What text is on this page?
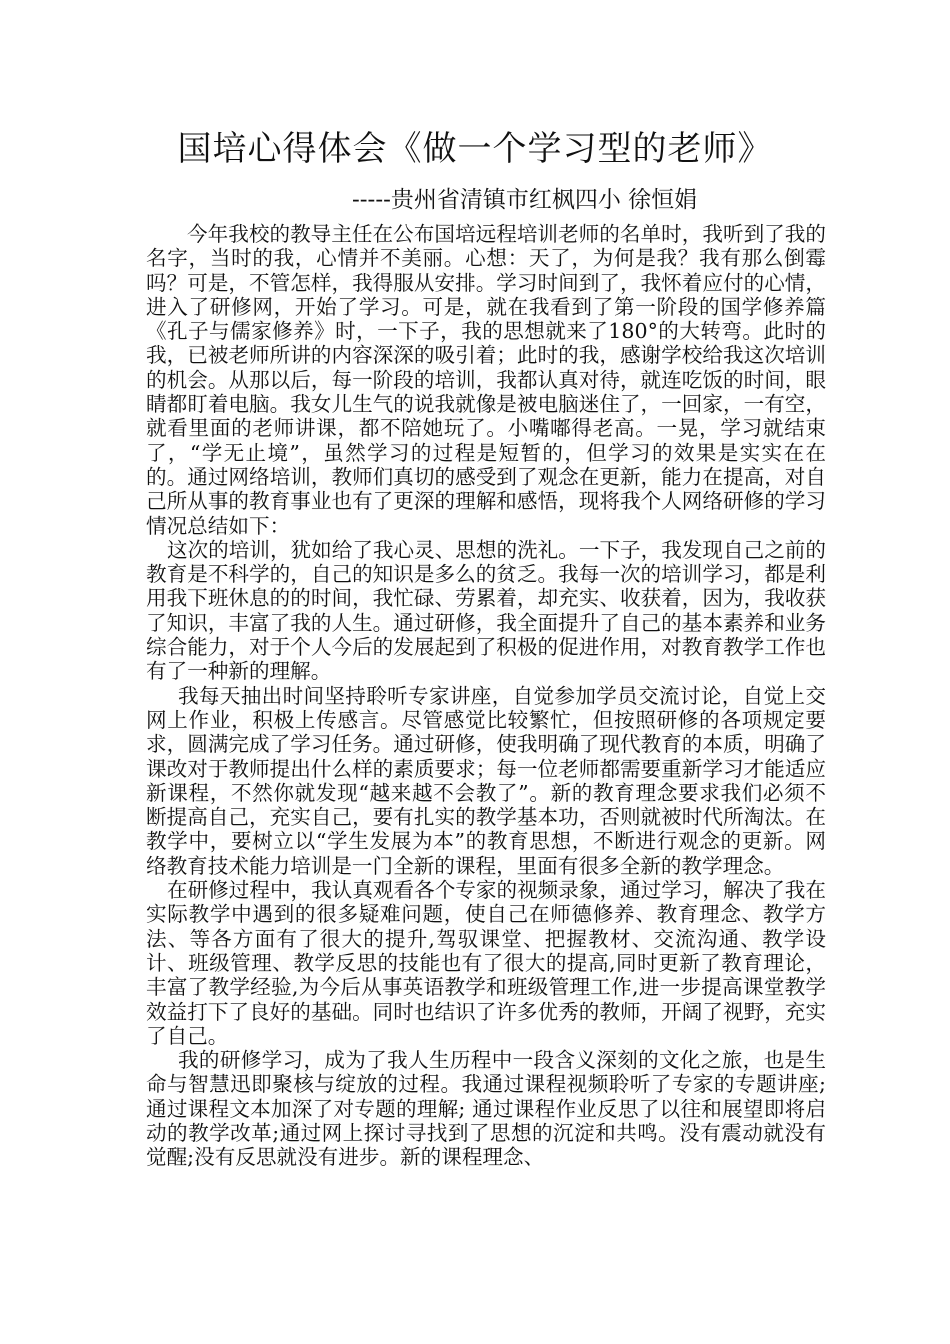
国培心得体会《做一个学习型的老师》
-----贵州省清镇市红枫四小 徐恒娟

今年我校的教导主任在公布国培远程培训老师的名单时，我听到了我的名字，当时的我，心情并不美丽。心想：天了，为何是我？我有那么倒霉吗？可是，不管怎样，我得服从安排。学习时间到了，我怀着应付的心情，进入了研修网，开始了学习。可是，就在我看到了第一阶段的国学修养篇《孔子与儒家修养》时，一下子，我的思想就来了180°的大转弯。此时的我，已被老师所讲的内容深深的吸引着；此时的我，感谢学校给我这次培训的机会。从那以后，每一阶段的培训，我都认真对待，就连吃饭的时间，眼睛都盯着电脑。我女儿生气的说我就像是被电脑迷住了，一回家，一有空，就看里面的老师讲课，都不陪她玩了。小嘴嘟得老高。一晃，学习就结束了，“学无止境”，虽然学习的过程是短暂的，但学习的效果是实实在在的。通过网络培训，教师们真切的感受到了观念在更新，能力在提高，对自己所从事的教育事业也有了更深的理解和感悟，现将我个人网络研修的学习情况总结如下：

这次的培训，犹如给了我心灵、思想的洗礼。一下子，我发现自己之前的教育是不科学的，自己的知识是多么的贫乏。我每一次的培训学习，都是利用我下班休息的的时间，我忙碌、劳累着，却充实、收获着，因为，我收获了知识，丰富了我的人生。通过研修，我全面提升了自己的基本素养和业务综合能力，对于个人今后的发展起到了积极的促进作用，对教育教学工作也有了一种新的理解。

我每天抽出时间坚持聆听专家讲座，自觉参加学员交流讨论，自觉上交网上作业，积极上传感言。尽管感觉比较繁忙，但按照研修的各项规定要求，圆满完成了学习任务。通过研修，使我明确了现代教育的本质，明确了课改对于教师提出什么样的素质要求；每一位老师都需要重新学习才能适应新课程，不然你就发现“越来越不会教了”。新的教育理念要求我们必须不断提高自己，充实自己，要有扎实的教学基本功，否则就被时代所淘汰。在教学中，要树立以“学生发展为本”的教育思想，不断进行观念的更新。网络教育技术能力培训是一门全新的课程，里面有很多全新的教学理念。

在研修过程中，我认真观看各个专家的视频录象，通过学习，解决了我在实际教学中遇到的很多疑难问题，使自己在师德修养、教育理念、教学方法、等各方面有了很大的提升,驾驭课堂、把握教材、交流沟通、教学设计、班级管理、教学反思的技能也有了很大的提高,同时更新了教育理论，丰富了教学经验,为今后从事英语教学和班级管理工作,进一步提高课堂教学效益打下了良好的基础。同时也结识了许多优秀的教师，开阔了视野，充实了自己。

我的研修学习，成为了我人生历程中一段含义深刻的文化之旅，也是生命与智慧迅即聚核与绽放的过程。我通过课程视频聆听了专家的专题讲座;通过课程文本加深了对专题的理解; 通过课程作业反思了以往和展望即将启动的教学改革;通过网上探讨寻找到了思想的沉淀和共鸣。没有震动就没有觉醒;没有反思就没有进步。新的课程理念、
